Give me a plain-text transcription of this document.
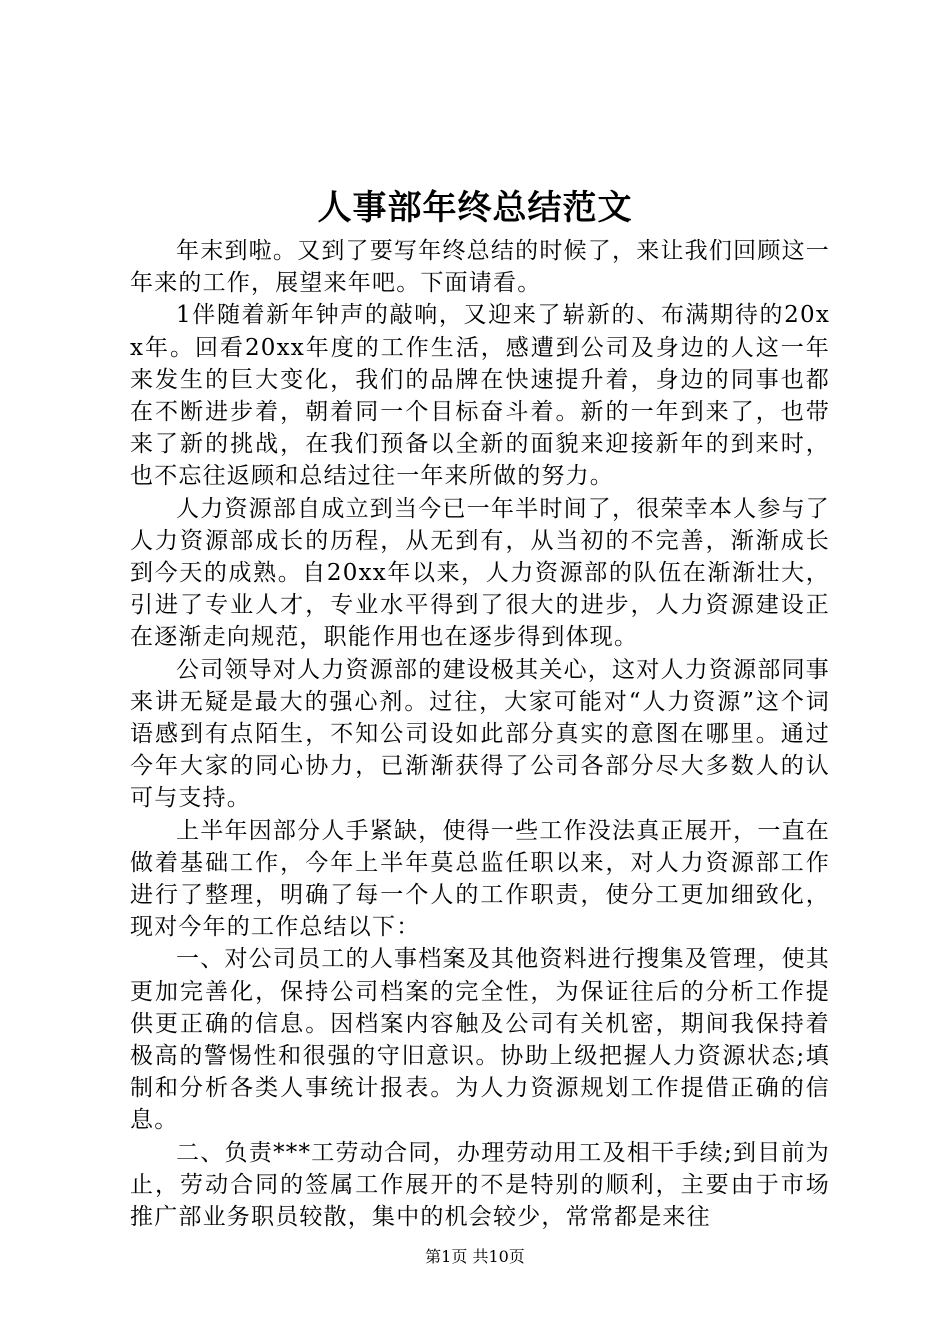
人事部年终总结范文

年末到啦。又到了要写年终总结的时候了，来让我们回顾这一年来的工作，展望来年吧。下面请看。

1伴随着新年钟声的敲响，又迎来了崭新的、布满期待的20xx年。回看20xx年度的工作生活，感遭到公司及身边的人这一年来发生的巨大变化，我们的品牌在快速提升着，身边的同事也都在不断进步着，朝着同一个目标奋斗着。新的一年到来了，也带来了新的挑战，在我们预备以全新的面貌来迎接新年的到来时，也不忘往返顾和总结过往一年来所做的努力。

人力资源部自成立到当今已一年半时间了，很荣幸本人参与了人力资源部成长的历程，从无到有，从当初的不完善，渐渐成长到今天的成熟。自20xx年以来，人力资源部的队伍在渐渐壮大，引进了专业人才，专业水平得到了很大的进步，人力资源建设正在逐渐走向规范，职能作用也在逐步得到体现。

公司领导对人力资源部的建设极其关心，这对人力资源部同事来讲无疑是最大的强心剂。过往，大家可能对“人力资源”这个词语感到有点陌生，不知公司设如此部分真实的意图在哪里。通过今年大家的同心协力，已渐渐获得了公司各部分尽大多数人的认可与支持。

上半年因部分人手紧缺，使得一些工作没法真正展开，一直在做着基础工作，今年上半年莫总监任职以来，对人力资源部工作进行了整理，明确了每一个人的工作职责，使分工更加细致化，现对今年的工作总结以下：

一、对公司员工的人事档案及其他资料进行搜集及管理，使其更加完善化，保持公司档案的完全性，为保证往后的分析工作提供更正确的信息。因档案内容触及公司有关机密，期间我保持着极高的警惕性和很强的守旧意识。协助上级把握人力资源状态;填制和分析各类人事统计报表。为人力资源规划工作提借正确的信息。

二、负责***工劳动合同，办理劳动用工及相干手续;到目前为止，劳动合同的签属工作展开的不是特别的顺利，主要由于市场推广部业务职员较散，集中的机会较少，常常都是来往

第1页 共10页
